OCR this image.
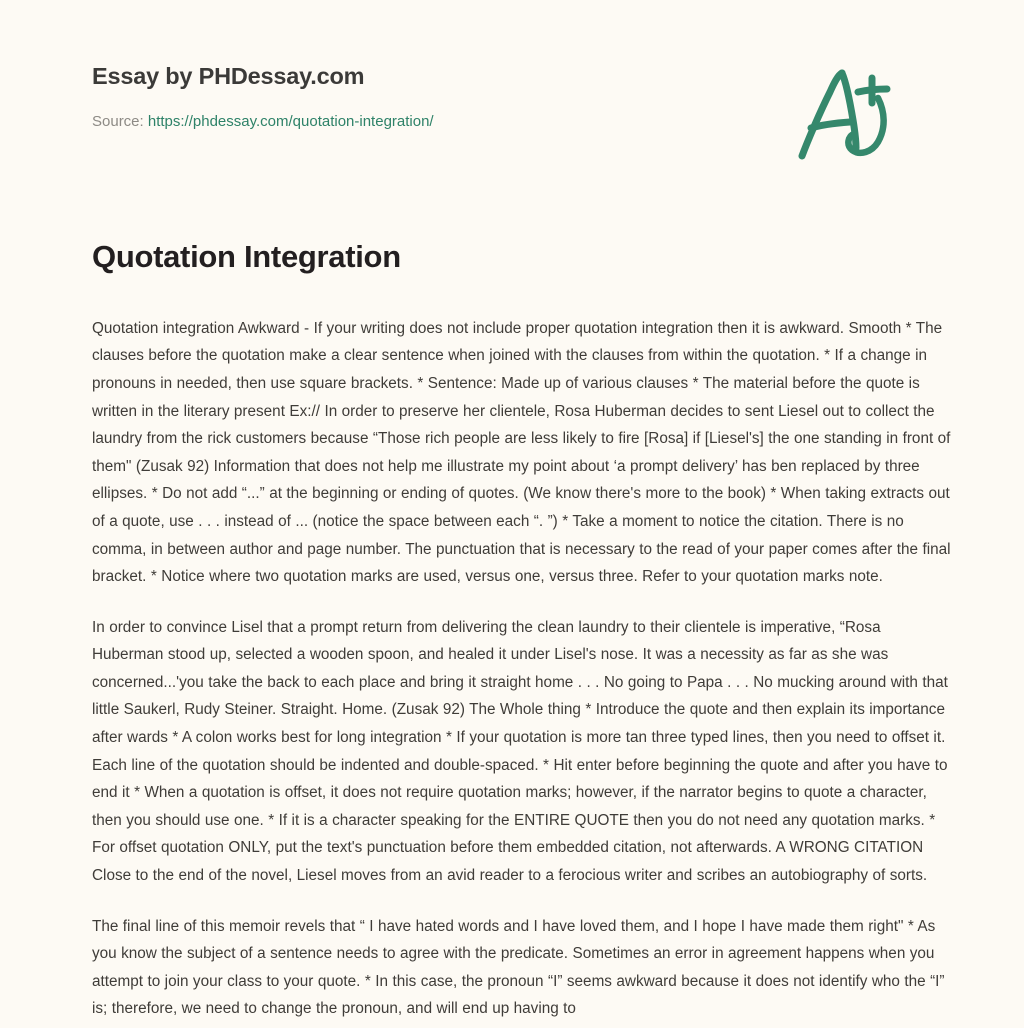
Essay by PHDessay.com
Source: https://phdessay.com/quotation-integration/
Quotation Integration

Quotation integration Awkward - If your writing does not include proper quotation integration then it is awkward. Smooth * The clauses before the quotation make a clear sentence when joined with the clauses from within the quotation. * If a change in pronouns in needed, then use square brackets. * Sentence: Made up of various clauses * The material before the quote is written in the literary present Ex:// In order to preserve her clientele, Rosa Huberman decides to sent Liesel out to collect the laundry from the rick customers because “Those rich people are less likely to fire [Rosa] if [Liesel's] the one standing in front of them" (Zusak 92) Information that does not help me illustrate my point about ‘a prompt delivery’ has ben replaced by three ellipses. * Do not add “...” at the beginning or ending of quotes. (We know there's more to the book) * When taking extracts out of a quote, use . . . instead of ... (notice the space between each “. ”) * Take a moment to notice the citation. There is no comma, in between author and page number. The punctuation that is necessary to the read of your paper comes after the final bracket. * Notice where two quotation marks are used, versus one, versus three. Refer to your quotation marks note.

In order to convince Lisel that a prompt return from delivering the clean laundry to their clientele is imperative, “Rosa Huberman stood up, selected a wooden spoon, and healed it under Lisel's nose. It was a necessity as far as she was concerned...'you take the back to each place and bring it straight home . . . No going to Papa . . . No mucking around with that little Saukerl, Rudy Steiner. Straight. Home. (Zusak 92) The Whole thing * Introduce the quote and then explain its importance after wards * A colon works best for long integration * If your quotation is more tan three typed lines, then you need to offset it. Each line of the quotation should be indented and double-spaced. * Hit enter before beginning the quote and after you have to end it * When a quotation is offset, it does not require quotation marks; however, if the narrator begins to quote a character, then you should use one. * If it is a character speaking for the ENTIRE QUOTE then you do not need any quotation marks. * For offset quotation ONLY, put the text's punctuation before them embedded citation, not afterwards. A WRONG CITATION Close to the end of the novel, Liesel moves from an avid reader to a ferocious writer and scribes an autobiography of sorts.

The final line of this memoir revels that “ I have hated words and I have loved them, and I hope I have made them right" * As you know the subject of a sentence needs to agree with the predicate. Sometimes an error in agreement happens when you attempt to join your class to your quote. * In this case, the pronoun “I” seems awkward because it does not identify who the “I” is; therefore, we need to change the pronoun, and will end up having to
